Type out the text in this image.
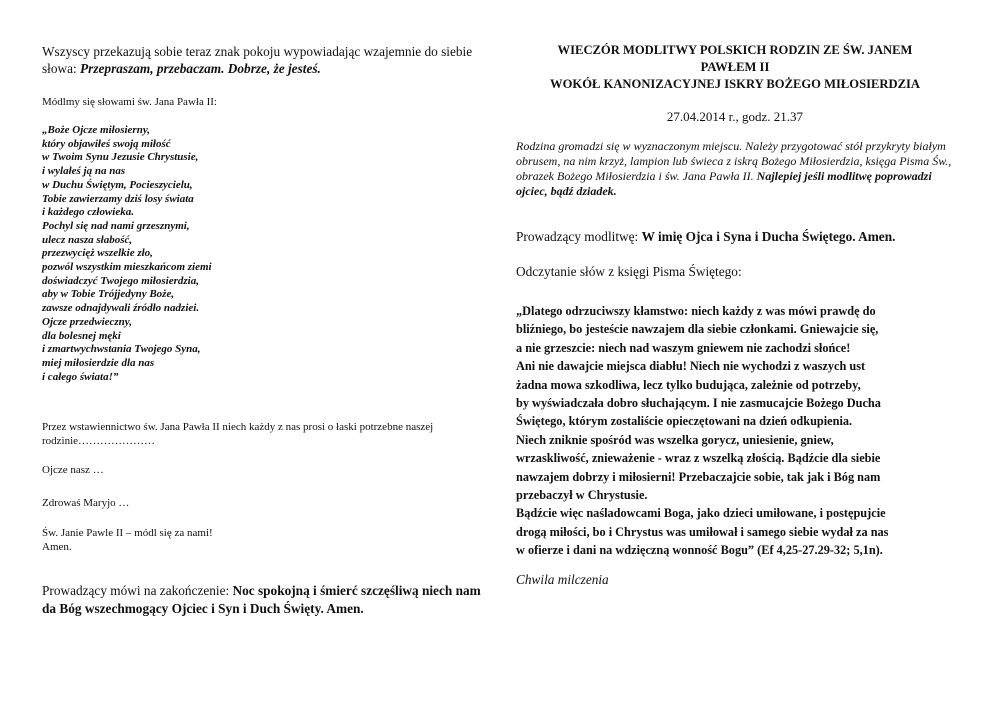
Wszyscy przekazują sobie teraz znak pokoju wypowiadając wzajemnie do siebie słowa: Przepraszam, przebaczam. Dobrze, że jesteś.

Módlmy się słowami św. Jana Pawła II:

„Boże Ojcze miłosierny,
który objawiłeś swoją miłość
w Twoim Synu Jezusie Chrystusie,
i wylałeś ją na nas
w Duchu Świętym, Pocieszycielu,
Tobie zawierzamy dziś losy świata
i każdego człowieka.
Pochyl się nad nami grzesznymi,
ulecz nasza słabość,
przezwycięż wszelkie zło,
pozwól wszystkim mieszkańcom ziemi
doświadczyć Twojego miłosierdzia,
aby w Tobie Trójjedyny Boże,
zawsze odnajdywali źródło nadziei.
Ojcze przedwieczny,
dla bolesnej męki
i zmartwychwstania Twojego Syna,
miej miłosierdzie dla nas
i całego świata!”

Przez wstawiennictwo św. Jana Pawła II niech każdy z nas prosi o łaski potrzebne naszej rodzinie…………………

Ojcze nasz …

Zdrowaś Maryjo …

Św. Janie Pawle II – módl się za nami!
Amen.

Prowadzący mówi na zakończenie: Noc spokojną i śmierć szczęśliwą niech nam da Bóg wszechmogący Ojciec i Syn i Duch Święty. Amen.

WIECZÓR MODLITWY POLSKICH RODZIN ZE ŚW. JANEM
PAWŁEM II
WOKÓŁ KANONIZACYJNEJ ISKRY BOŻEGO MIŁOSIERDZIA

27.04.2014 r., godz. 21.37

Rodzina gromadzi się w wyznaczonym miejscu. Należy przygotować stół przykryty białym obrusem, na nim krzyż, lampion lub świeca z iskrą Bożego Miłosierdzia, księga Pisma Św., obrazek Bożego Miłosierdzia i św. Jana Pawła II. Najlepiej jeśli modlitwę poprowadzi ojciec, bądź dziadek.

Prowadzący modlitwę: W imię Ojca i Syna i Ducha Świętego. Amen.

Odczytanie słów z księgi Pisma Świętego:

„Dlatego odrzuciwszy kłamstwo: niech każdy z was mówi prawdę do
bliźniego, bo jesteście nawzajem dla siebie członkami. Gniewajcie się,
a nie grzeszcie: niech nad waszym gniewem nie zachodzi słońce!
Ani nie dawajcie miejsca diabłu! Niech nie wychodzi z waszych ust
żadna mowa szkodliwa, lecz tylko budująca, zależnie od potrzeby,
by wyświadczała dobro słuchającym. I nie zasmucajcie Bożego Ducha
Świętego, którym zostaliście opieczętowani na dzień odkupienia.
Niech zniknie spośród was wszelka gorycz, uniesienie, gniew,
wrzaskliwość, znieważenie - wraz z wszelką złością. Bądźcie dla siebie
nawzajem dobrzy i miłosierni! Przebaczajcie sobie, tak jak i Bóg nam
przebaczył w Chrystusie.
Bądźcie więc naśladowcami Boga, jako dzieci umiłowane, i postępujcie
drogą miłości, bo i Chrystus was umiłował i samego siebie wydał za nas
w ofierze i dani na wdzięczną wonność Bogu” (Ef 4,25-27.29-32; 5,1n).

Chwila milczenia
